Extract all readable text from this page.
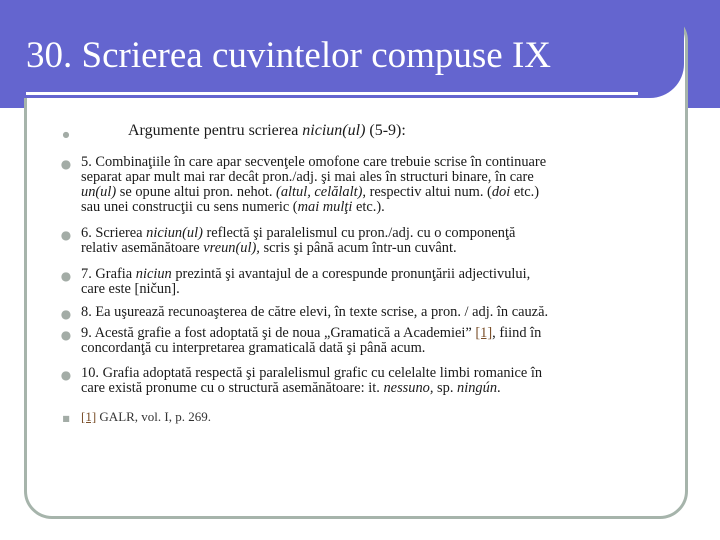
30. Scrierea cuvintelor compuse IX
●	Argumente pentru scrierea niciun(ul) (5-9):
● 5. Combinaţiile în care apar secvenţele omofone care trebuie scrise în continuare
separat apar mult mai rar decât pron./adj. şi mai ales în structuri binare, în care
un(ul) se opune altui pron. nehot. (altul, celălalt), respectiv altui num. (doi etc.)
sau unei construcţii cu sens numeric (mai mulţi etc.).
● 6. Scrierea niciun(ul) reflectă şi paralelismul cu pron./adj. cu o componenţă
relativ asemănătoare vreun(ul), scris şi până acum într-un cuvânt.
● 7. Grafia niciun prezintă şi avantajul de a corespunde pronunţării adjectivului,
care este [ničun].
● 8. Ea uşurează recunoaşterea de către elevi, în texte scrise, a pron. / adj. în cauză.
● 9. Acestă grafie a fost adoptată şi de noua „Gramatică a Academiei” [1], fiind în
concordanţă cu interpretarea gramaticală dată şi până acum.
● 10. Grafia adoptată respectă şi paralelismul grafic cu celelalte limbi romanice în
care există pronume cu o structură asemănătoare: it. nessuno, sp. ningún.
■ [1] GALR, vol. I, p. 269.
